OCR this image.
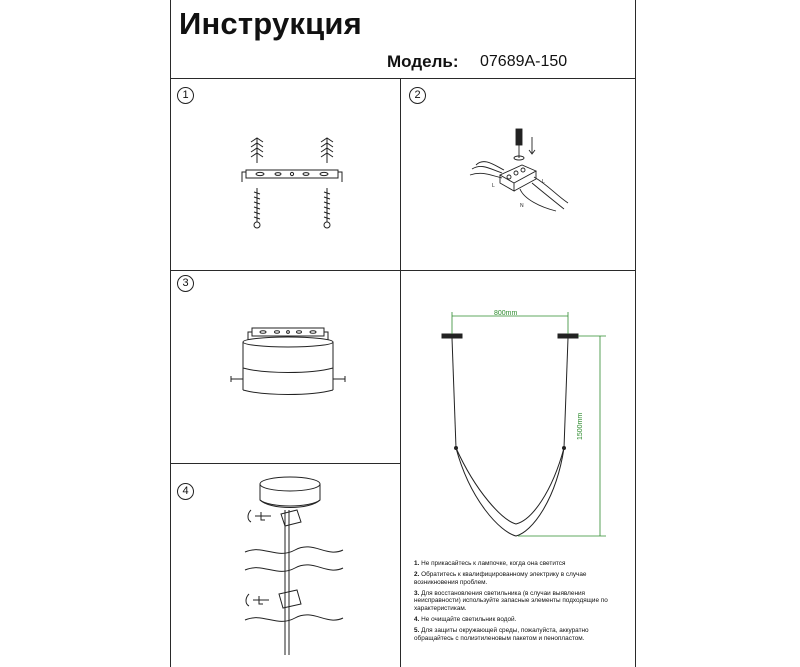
Инструкция
Модель: 07689A-150
1	2
3
4
L
L
N
800mm
1500mm
1. Не прикасайтесь к лампочке, когда она светится
2. Обратитесь к квалифицированному электрику в случае возникновения проблем.
3. Для восстановления светильника (в случаи выявления неисправности) используйте запасные элементы подходящие по характеристикам.
4. Не очищайте светильник водой.
5. Для защиты окружающей среды, пожалуйста, аккуратно обращайтесь с полиэтиленовым пакетом и пенопластом.
